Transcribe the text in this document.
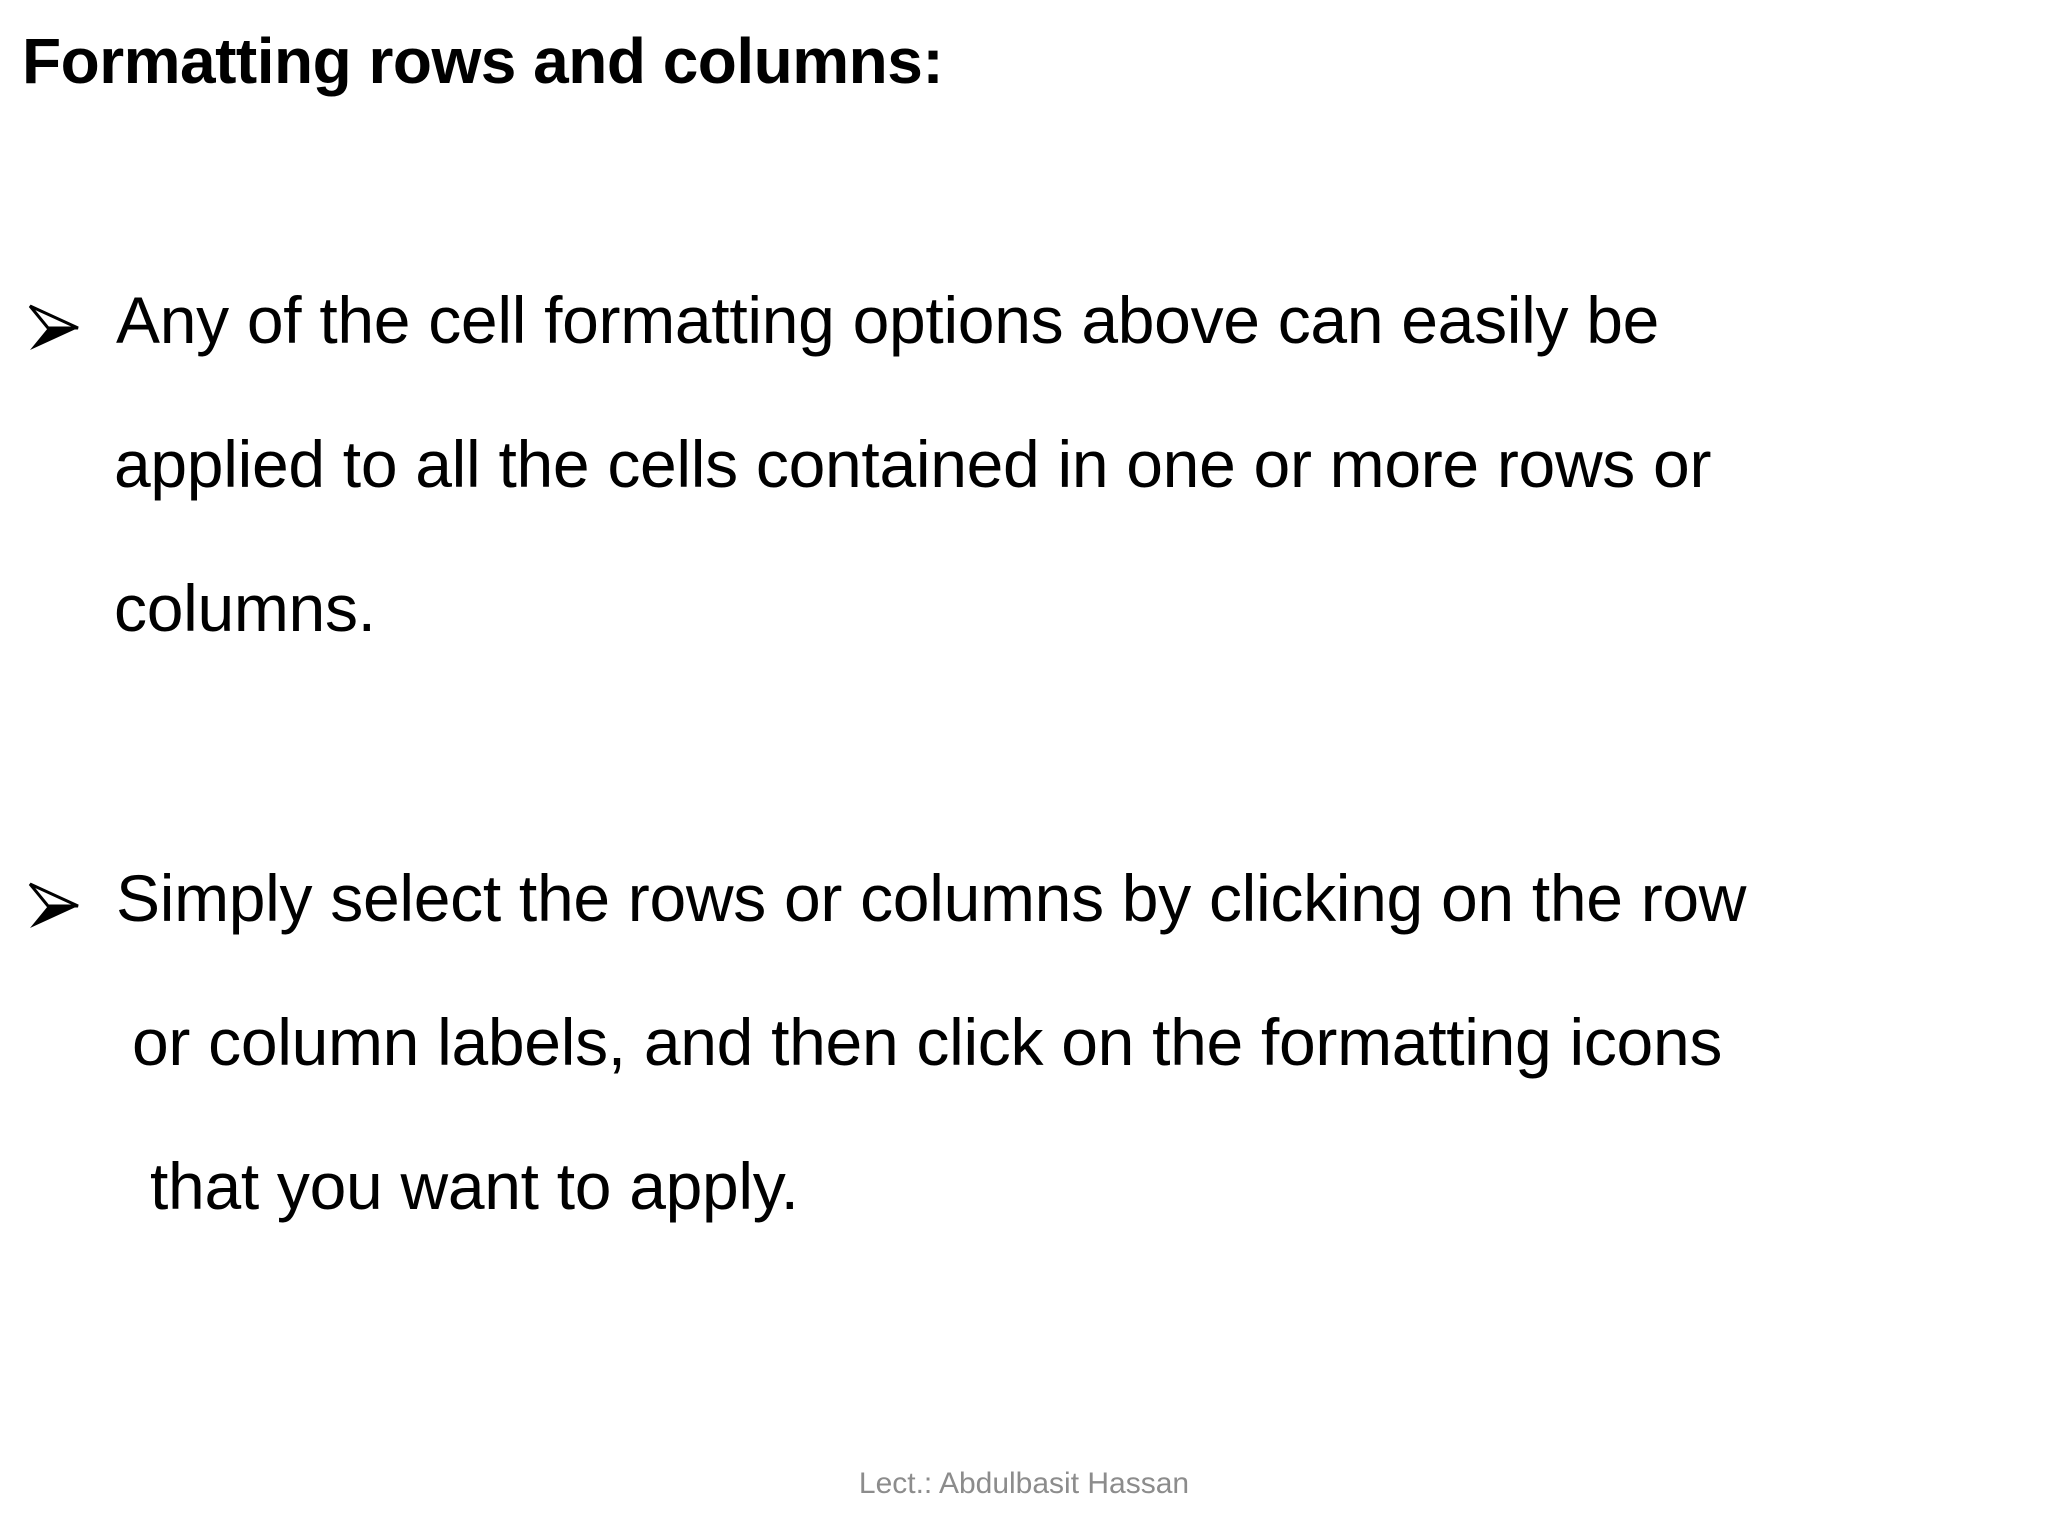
Formatting rows and columns:
Any of the cell formatting options above can easily be
applied to all the cells contained in one or more rows or
columns.
Simply select the rows or columns by clicking on the row
or column labels, and then click on the formatting icons
that you want to apply.
Lect.: Abdulbasit Hassan
